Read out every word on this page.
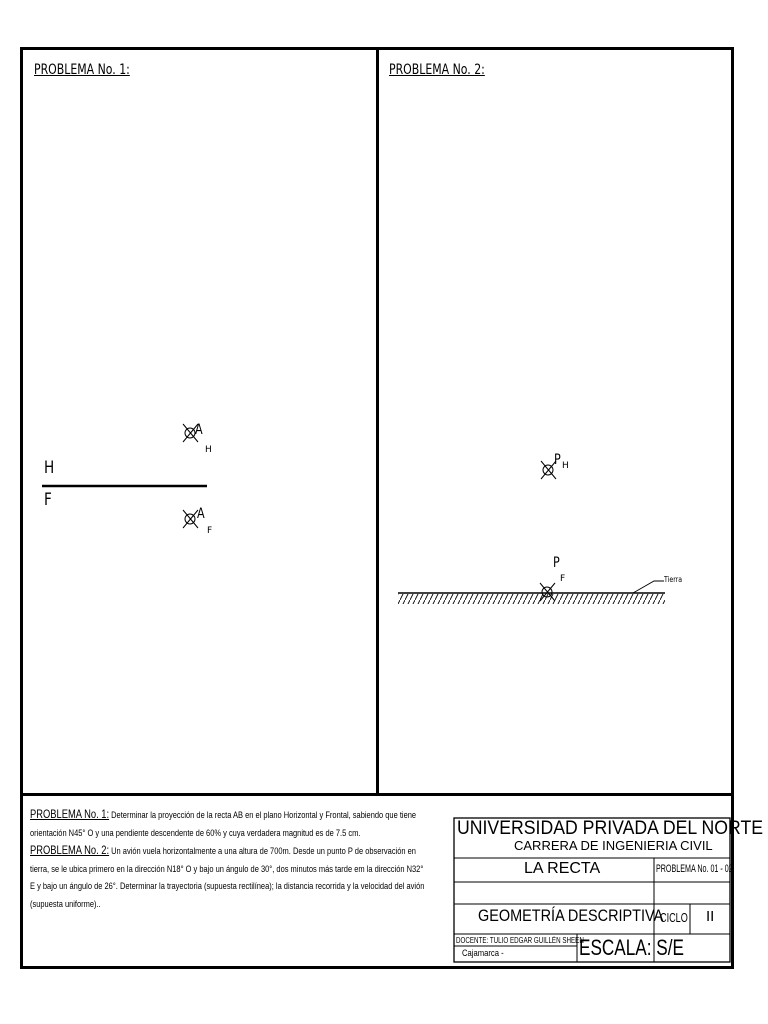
PROBLEMA No. 1:	PROBLEMA No. 2:
H
F
A
H
A
F
P H
P
F	Tierra
PROBLEMA No. 1: Determinar la proyección de la recta AB en el plano Horizontal y Frontal, sabiendo que tiene
orientación N45° O y una pendiente descendente de 60% y cuya verdadera magnitud es de 7.5 cm.
PROBLEMA No. 2: Un avión vuela horizontalmente a una altura de 700m. Desde un punto P de observación en
tierra, se le ubica primero en la dirección N18° O y bajo un ángulo de 30°, dos minutos más tarde em la dirección N32°
E y bajo un ángulo de 26°. Determinar la trayectoria (supuesta rectilínea); la distancia recorrida y la velocidad del avión
(supuesta uniforme)..
UNIVERSIDAD PRIVADA DEL NORTE
CARRERA DE INGENIERIA CIVIL
LA RECTA	PROBLEMA No. 01 - 02
GEOMETRÍA DESCRIPTIVA
CICLO II
DOCENTE: TULIO EDGAR GUILLÉN SHEEN
Cajamarca -	ESCALA: S/E
